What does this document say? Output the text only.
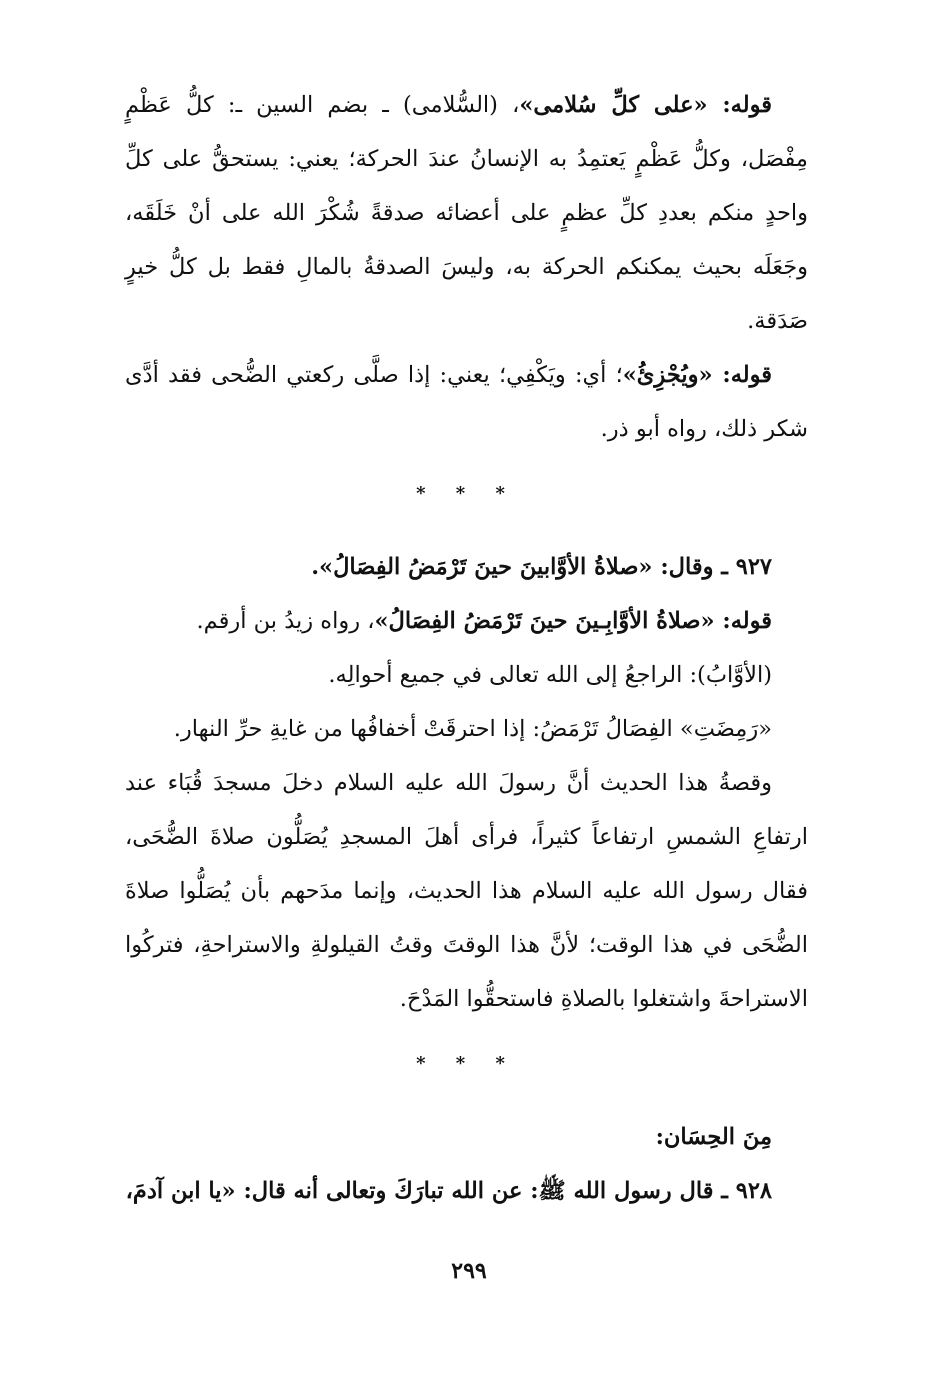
قوله: «على كلِّ سُلامى»، (السُّلامى) ـ بضم السين ـ: كلُّ عَظْمٍ مِفْصَل، وكلُّ عَظْمٍ يَعتمِدُ به الإنسانُ عندَ الحركة؛ يعني: يستحقُّ على كلِّ واحدٍ منكم بعددِ كلِّ عظمٍ على أعضائه صدقةً شُكْرَ الله على أنْ خَلَقَه، وجَعَلَه بحيث يمكنكم الحركة به، وليسَ الصدقةُ بالمالِ فقط بل كلُّ خيرٍ صَدَقة.

قوله: «ويُجْزِئُ»؛ أي: ويَكْفِي؛ يعني: إذا صلَّى ركعتي الضُّحى فقد أدَّى شكر ذلك، رواه أبو ذر.

* * *

٩٢٧ ـ وقال: «صلاةُ الأوَّابينَ حينَ تَرْمَضُ الفِصَالُ».

قوله: «صلاةُ الأوَّابِـينَ حينَ تَرْمَضُ الفِصَالُ»، رواه زيدُ بن أرقم.

(الأوَّابُ): الراجعُ إلى الله تعالى في جميع أحوالِه.

«رَمِضَتِ» الفِصَالُ تَرْمَضُ: إذا احترقَتْ أخفافُها من غايةِ حرِّ النهار.

وقصةُ هذا الحديث أنَّ رسولَ الله عليه السلام دخلَ مسجدَ قُبَاء عند ارتفاعِ الشمسِ ارتفاعاً كثيراً، فرأى أهلَ المسجدِ يُصَلُّون صلاةَ الضُّحَى، فقال رسول الله عليه السلام هذا الحديث، وإنما مدَحهم بأن يُصَلُّوا صلاةَ الضُّحَى في هذا الوقت؛ لأنَّ هذا الوقتَ وقتُ القيلولةِ والاستراحةِ، فتركُوا الاستراحةَ واشتغلوا بالصلاةِ فاستحقُّوا المَدْحَ.

* * *

مِنَ الحِسَان:

٩٢٨ ـ قال رسول الله ﷺ: عن الله تبارَكَ وتعالى أنه قال: «يا ابن آدمَ،

٢٩٩
